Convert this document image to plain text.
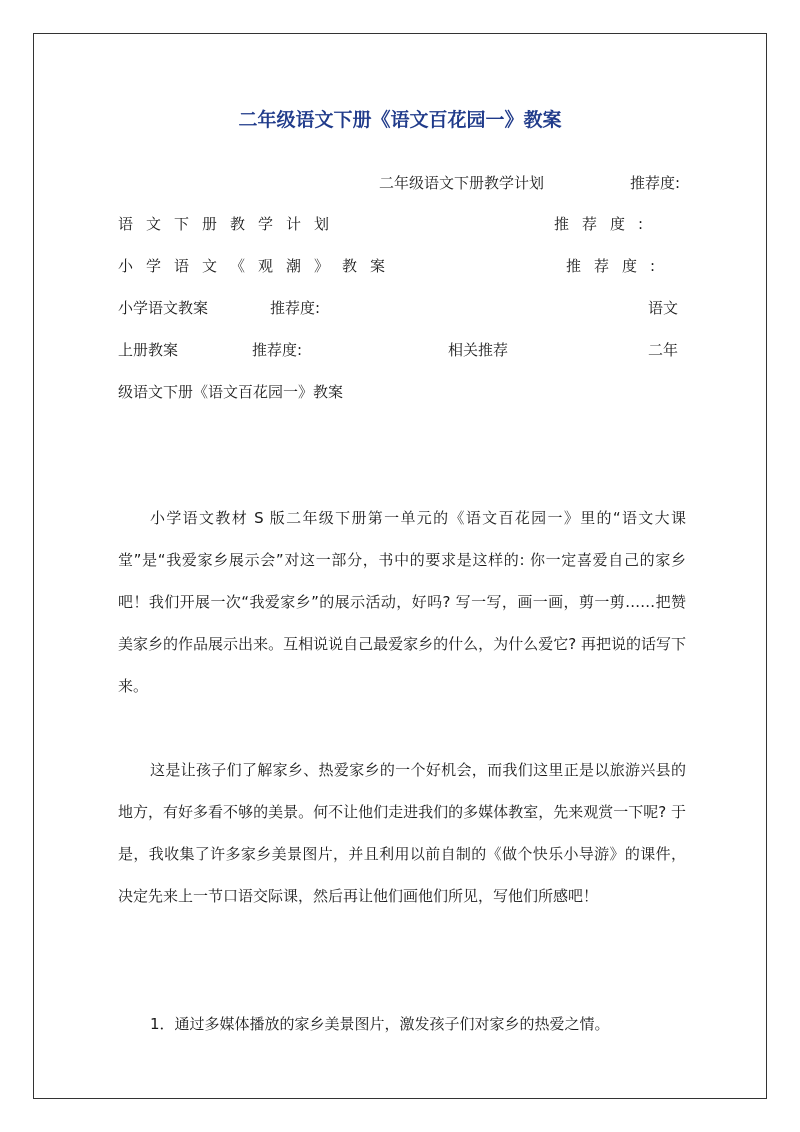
二年级语文下册《语文百花园一》教案
二年级语文下册教学计划	推荐度:
语文下册教学计划	推荐度:
小学语文《观潮》教案	推荐度:
小学语文教案	推荐度:	语文
上册教案	推荐度:	相关推荐	二年
级语文下册《语文百花园一》教案
小学语文教材 S 版二年级下册第一单元的《语文百花园一》里的“语文大课堂”是“我爱家乡展示会”对这一部分，书中的要求是这样的: 你一定喜爱自己的家乡吧！我们开展一次“我爱家乡”的展示活动，好吗? 写一写，画一画，剪一剪……把赞美家乡的作品展示出来。互相说说自己最爱家乡的什么，为什么爱它? 再把说的话写下来。
这是让孩子们了解家乡、热爱家乡的一个好机会，而我们这里正是以旅游兴县的地方，有好多看不够的美景。何不让他们走进我们的多媒体教室，先来观赏一下呢? 于是，我收集了许多家乡美景图片，并且利用以前自制的《做个快乐小导游》的课件，决定先来上一节口语交际课，然后再让他们画他们所见，写他们所感吧！
1．通过多媒体播放的家乡美景图片，激发孩子们对家乡的热爱之情。
